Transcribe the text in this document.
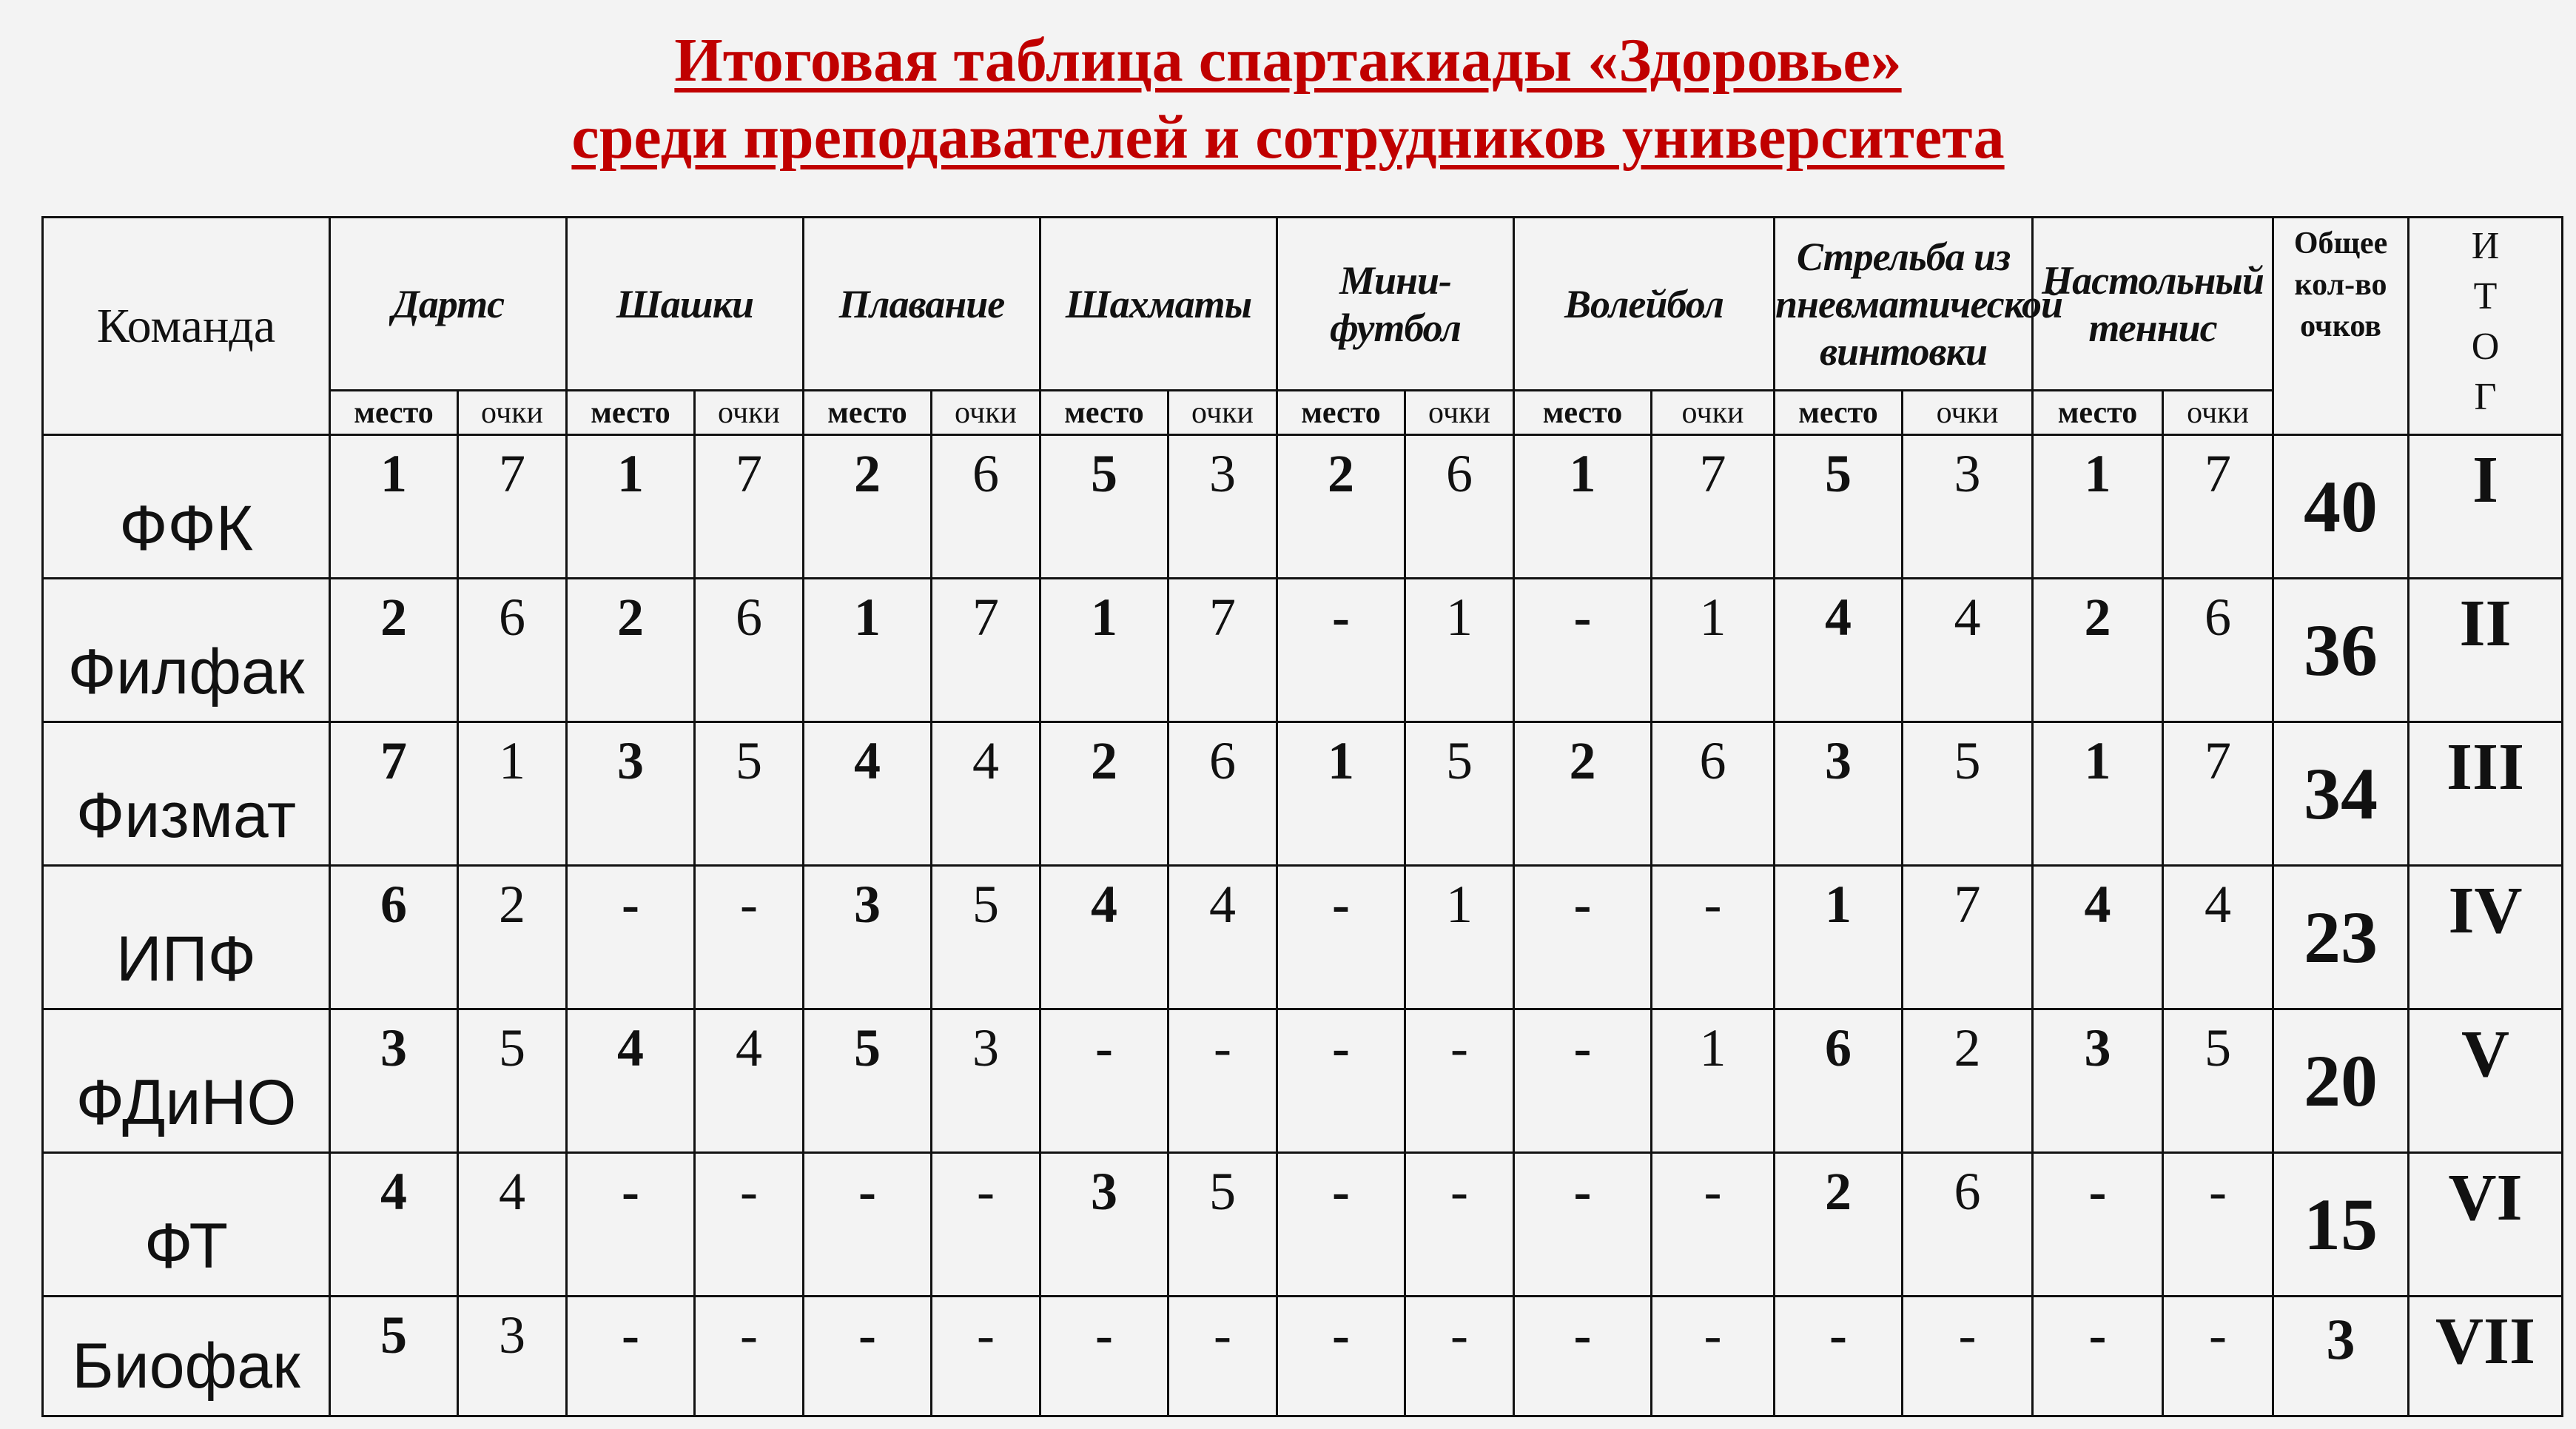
Итоговая таблица спартакиады «Здоровье»
среди преподавателей и сотрудников университета
Команда	Дартс		Шашки		Плавание		Шахматы		Мини-футбол		Волейбол		Стрельба из пневматической винтовки		Настольный теннис		Общее кол-во очков	ИТОГ
	место	очки	место	очки	место	очки	место	очки	место	очки	место	очки	место	очки	место	очки		
ФФК	1	7	1	7	2	6	5	3	2	6	1	7	5	3	1	7	40	I
Филфак	2	6	2	6	1	7	1	7	-	1	-	1	4	4	2	6	36	II
Физмат	7	1	3	5	4	4	2	6	1	5	2	6	3	5	1	7	34	III
ИПФ	6	2	-	-	3	5	4	4	-	1	-	-	1	7	4	4	23	IV
ФДиНО	3	5	4	4	5	3	-	-	-	-	-	1	6	2	3	5	20	V
ФТ	4	4	-	-	-	-	3	5	-	-	-	-	2	6	-	-	15	VI
Биофак	5	3	-	-	-	-	-	-	-	-	-	-	-	-	-	-	3	VII
